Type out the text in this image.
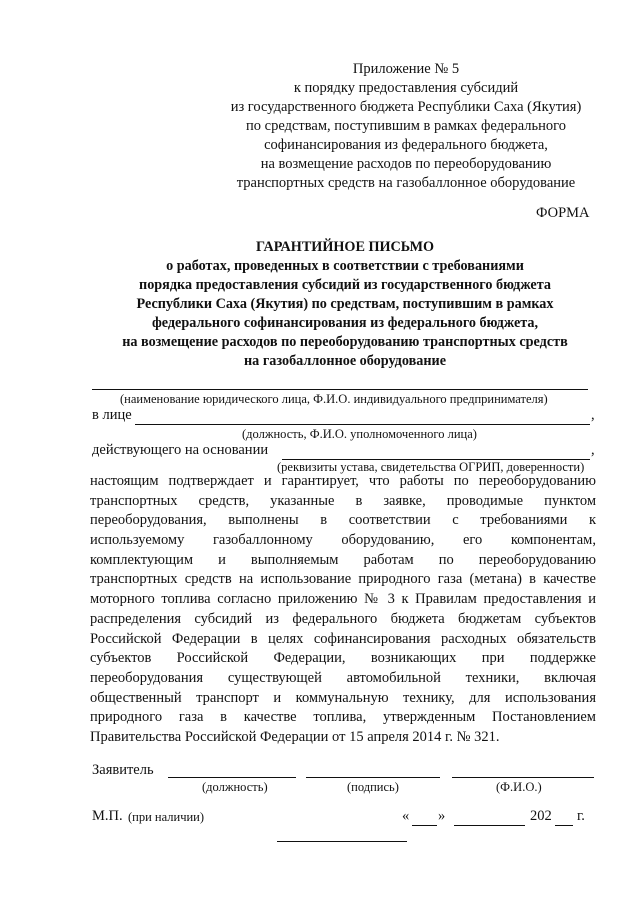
Приложение № 5
к порядку предоставления субсидий
из государственного бюджета Республики Саха (Якутия)
по средствам, поступившим в рамках федерального
софинансирования из федерального бюджета,
на возмещение расходов по переоборудованию
транспортных средств на газобаллонное оборудование
ФОРМА
ГАРАНТИЙНОЕ ПИСЬМО
о работах, проведенных в соответствии с требованиями
порядка предоставления субсидий из государственного бюджета
Республики Саха (Якутия) по средствам, поступившим в рамках
федерального софинансирования из федерального бюджета,
на возмещение расходов по переоборудованию транспортных средств
на газобаллонное оборудование
(наименование юридического лица, Ф.И.О. индивидуального предпринимателя)
в лице	,
(должность, Ф.И.О. уполномоченного лица)
действующего на основании	,
(реквизиты устава, свидетельства ОГРИП, доверенности)
настоящим подтверждает и гарантирует, что работы по переоборудованию
транспортных средств, указанные в заявке, проводимые пунктом
переоборудования, выполнены в соответствии с требованиями к
используемому газобаллонному оборудованию, его компонентам,
комплектующим и выполняемым работам по переоборудованию
транспортных средств на использование природного газа (метана) в качестве
моторного топлива согласно приложению № 3 к Правилам предоставления и
распределения субсидий из федерального бюджета бюджетам субъектов
Российской Федерации в целях софинансирования расходных обязательств
субъектов Российской Федерации, возникающих при поддержке
переоборудования существующей автомобильной техники, включая
общественный транспорт и коммунальную технику, для использования
природного газа в качестве топлива, утвержденным Постановлением
Правительства Российской Федерации от 15 апреля 2014 г. № 321.
Заявитель
(должность)	(подпись)	(Ф.И.О.)
М.П. (при наличии)	« »	202 г.
